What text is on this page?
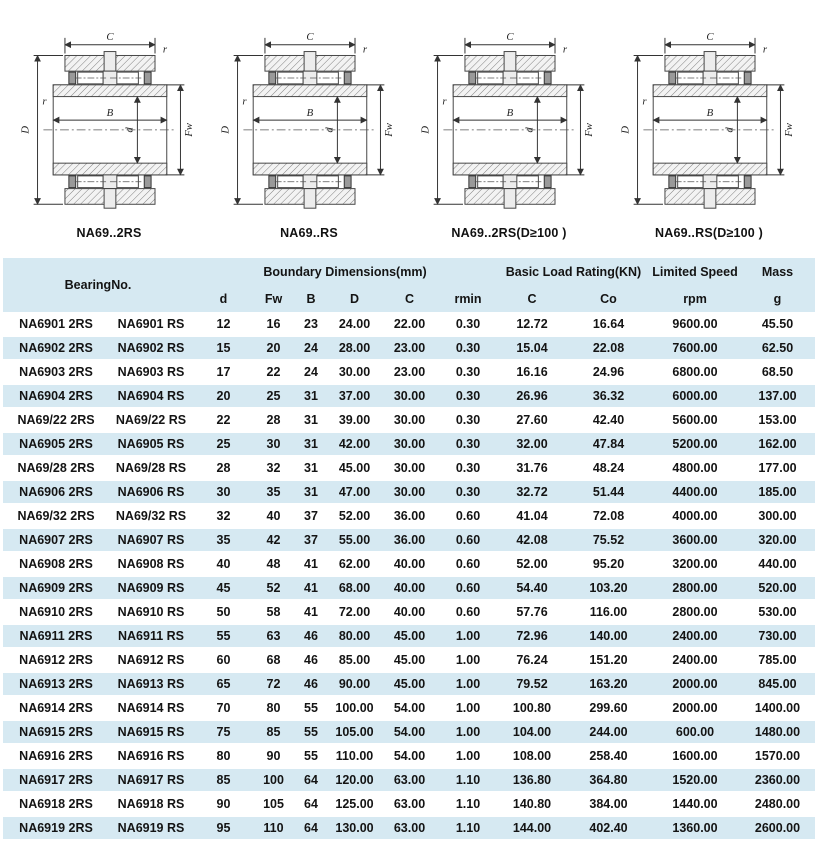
C
r
r
B
d	Fw
D
NA69..2RS
C
r
r
B
d	Fw
D
NA69..RS
C
r
r
B
d	Fw
D
NA69..2RS(D≥100 )
C
r
r
B
d	Fw
D
NA69..RS(D≥100 )
BearingNo.		Boundary Dimensions(mm)						Basic Load Rating(KN)		Limited Speed	Mass
		d	Fw	B	D	C	rmin	C	Co	rpm	g
NA6901 2RS	NA6901 RS	12	16	23	24.00	22.00	0.30	12.72	16.64	9600.00	45.50
NA6902 2RS	NA6902 RS	15	20	24	28.00	23.00	0.30	15.04	22.08	7600.00	62.50
NA6903 2RS	NA6903 RS	17	22	24	30.00	23.00	0.30	16.16	24.96	6800.00	68.50
NA6904 2RS	NA6904 RS	20	25	31	37.00	30.00	0.30	26.96	36.32	6000.00	137.00
NA69/22 2RS	NA69/22 RS	22	28	31	39.00	30.00	0.30	27.60	42.40	5600.00	153.00
NA6905 2RS	NA6905 RS	25	30	31	42.00	30.00	0.30	32.00	47.84	5200.00	162.00
NA69/28 2RS	NA69/28 RS	28	32	31	45.00	30.00	0.30	31.76	48.24	4800.00	177.00
NA6906 2RS	NA6906 RS	30	35	31	47.00	30.00	0.30	32.72	51.44	4400.00	185.00
NA69/32 2RS	NA69/32 RS	32	40	37	52.00	36.00	0.60	41.04	72.08	4000.00	300.00
NA6907 2RS	NA6907 RS	35	42	37	55.00	36.00	0.60	42.08	75.52	3600.00	320.00
NA6908 2RS	NA6908 RS	40	48	41	62.00	40.00	0.60	52.00	95.20	3200.00	440.00
NA6909 2RS	NA6909 RS	45	52	41	68.00	40.00	0.60	54.40	103.20	2800.00	520.00
NA6910 2RS	NA6910 RS	50	58	41	72.00	40.00	0.60	57.76	116.00	2800.00	530.00
NA6911 2RS	NA6911 RS	55	63	46	80.00	45.00	1.00	72.96	140.00	2400.00	730.00
NA6912 2RS	NA6912 RS	60	68	46	85.00	45.00	1.00	76.24	151.20	2400.00	785.00
NA6913 2RS	NA6913 RS	65	72	46	90.00	45.00	1.00	79.52	163.20	2000.00	845.00
NA6914 2RS	NA6914 RS	70	80	55	100.00	54.00	1.00	100.80	299.60	2000.00	1400.00
NA6915 2RS	NA6915 RS	75	85	55	105.00	54.00	1.00	104.00	244.00	600.00	1480.00
NA6916 2RS	NA6916 RS	80	90	55	110.00	54.00	1.00	108.00	258.40	1600.00	1570.00
NA6917 2RS	NA6917 RS	85	100	64	120.00	63.00	1.10	136.80	364.80	1520.00	2360.00
NA6918 2RS	NA6918 RS	90	105	64	125.00	63.00	1.10	140.80	384.00	1440.00	2480.00
NA6919 2RS	NA6919 RS	95	110	64	130.00	63.00	1.10	144.00	402.40	1360.00	2600.00
